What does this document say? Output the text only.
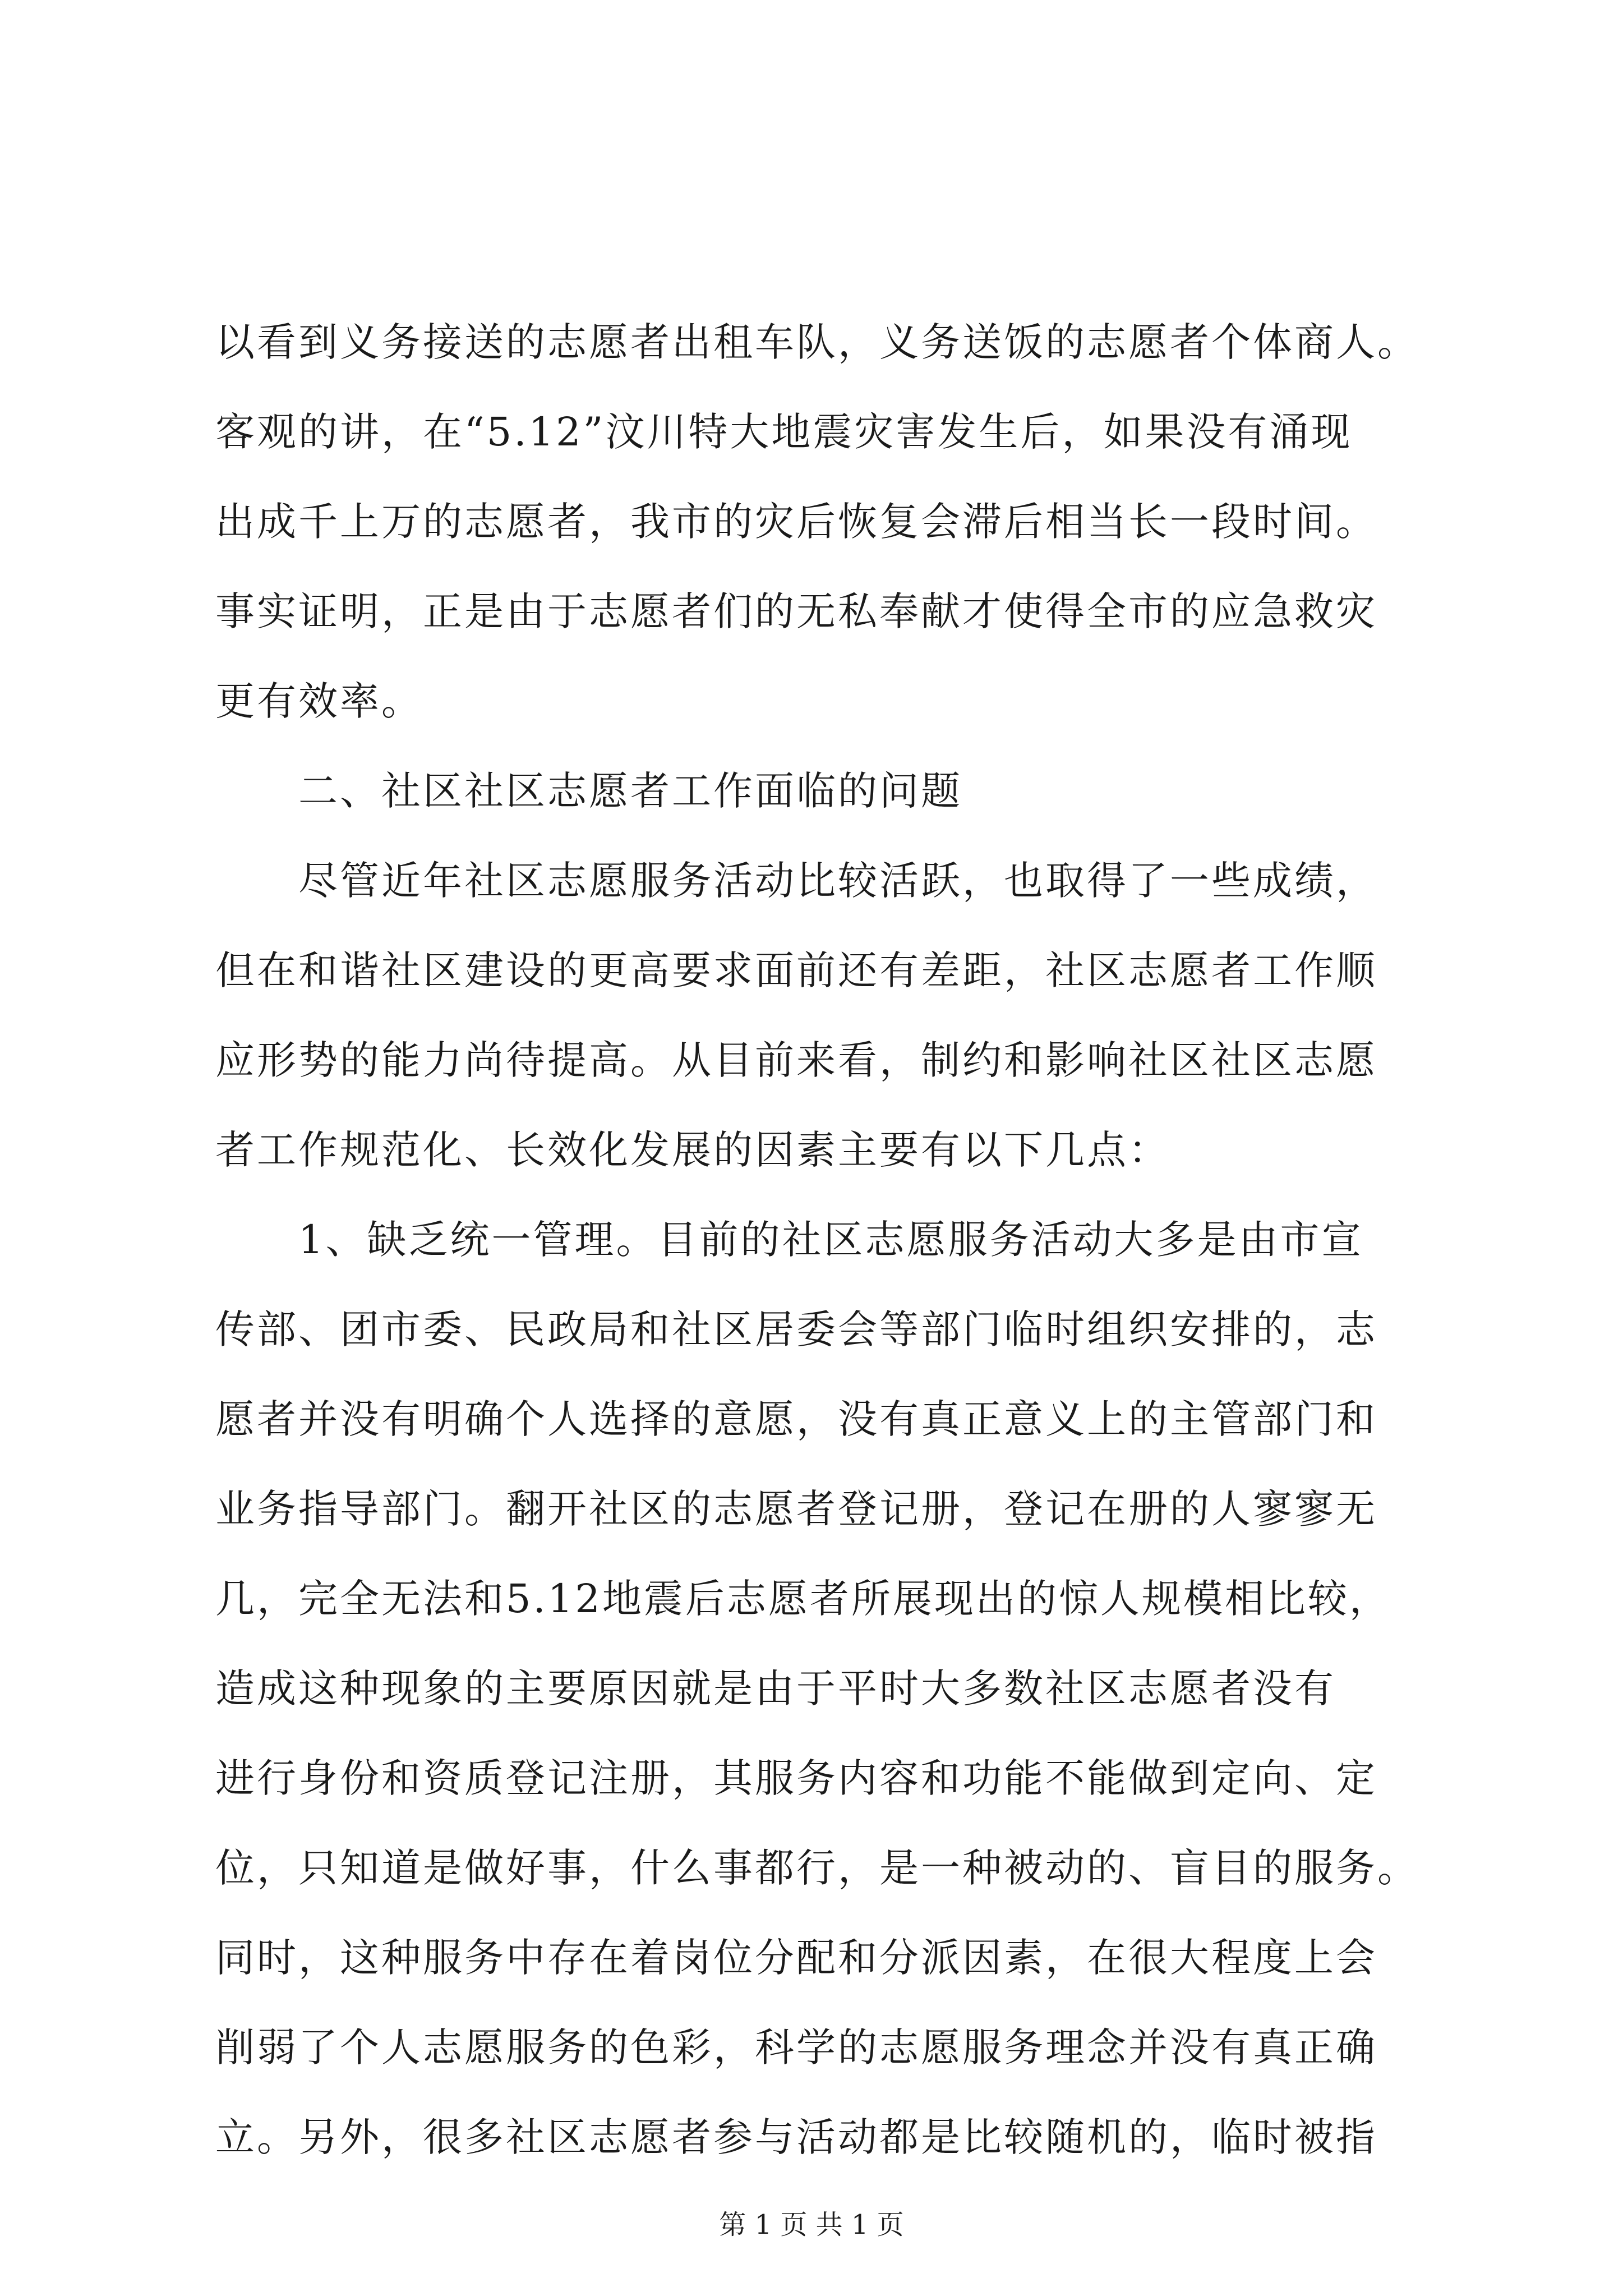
以看到义务接送的志愿者出租车队，义务送饭的志愿者个体商人。
客观的讲，在“5.12”汶川特大地震灾害发生后，如果没有涌现
出成千上万的志愿者，我市的灾后恢复会滞后相当长一段时间。
事实证明，正是由于志愿者们的无私奉献才使得全市的应急救灾
更有效率。
二、社区社区志愿者工作面临的问题
尽管近年社区志愿服务活动比较活跃，也取得了一些成绩，
但在和谐社区建设的更高要求面前还有差距，社区志愿者工作顺
应形势的能力尚待提高。从目前来看，制约和影响社区社区志愿
者工作规范化、长效化发展的因素主要有以下几点：
1、缺乏统一管理。目前的社区志愿服务活动大多是由市宣
传部、团市委、民政局和社区居委会等部门临时组织安排的，志
愿者并没有明确个人选择的意愿，没有真正意义上的主管部门和
业务指导部门。翻开社区的志愿者登记册，登记在册的人寥寥无
几，完全无法和5.12地震后志愿者所展现出的惊人规模相比较，
造成这种现象的主要原因就是由于平时大多数社区志愿者没有
进行身份和资质登记注册，其服务内容和功能不能做到定向、定
位，只知道是做好事，什么事都行，是一种被动的、盲目的服务。
同时，这种服务中存在着岗位分配和分派因素，在很大程度上会
削弱了个人志愿服务的色彩，科学的志愿服务理念并没有真正确
立。另外，很多社区志愿者参与活动都是比较随机的，临时被指
第 1 页 共 1 页
